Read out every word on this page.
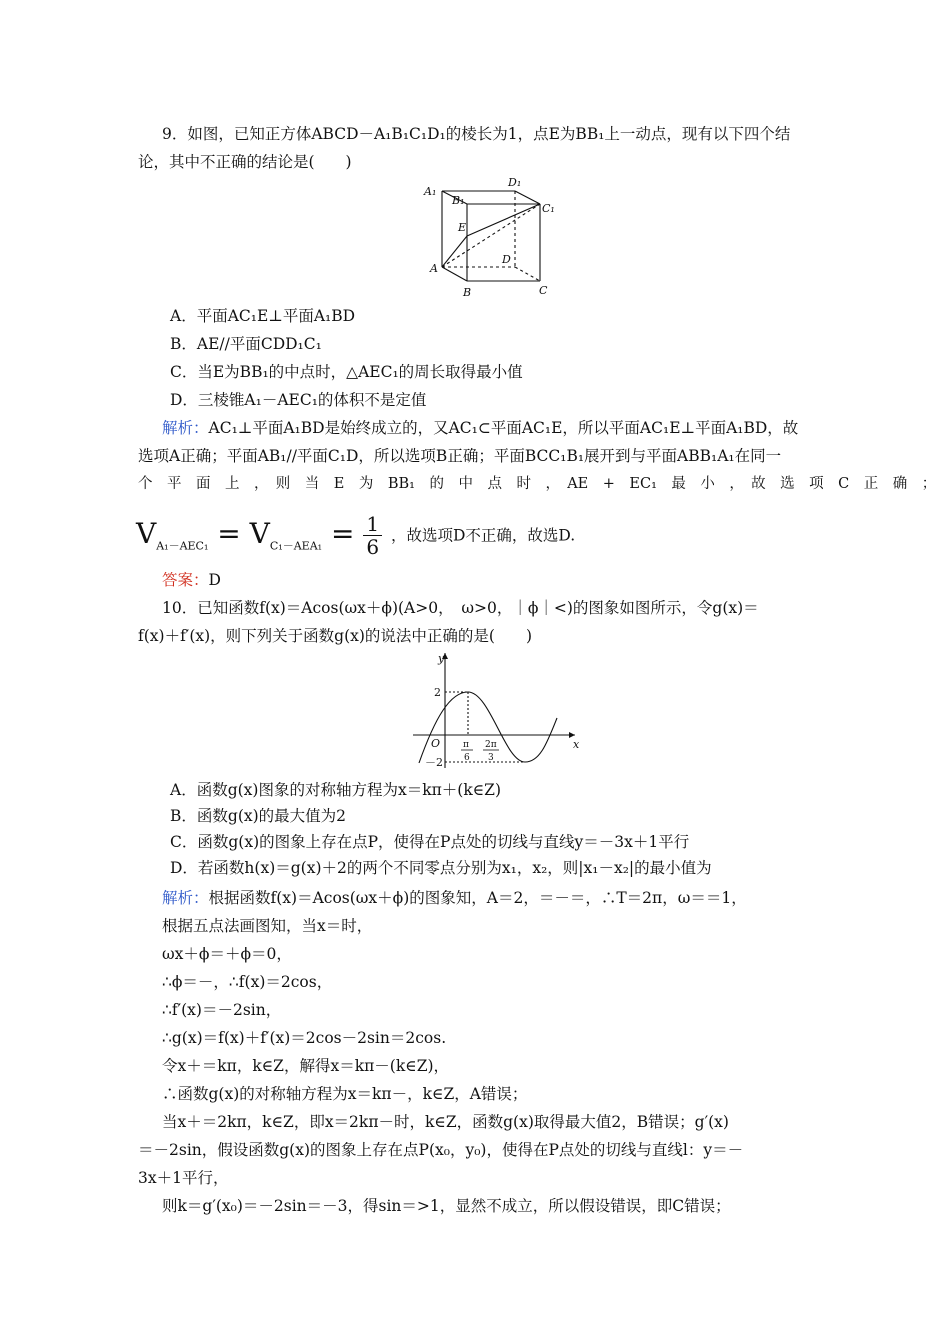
9．如图，已知正方体ABCD－A₁B₁C₁D₁的棱长为1，点E为BB₁上一动点，现有以下四个结
论，其中不正确的结论是(　　)
A₁
B₁
D₁
C₁
E
A
B	C
D
A．平面AC₁E⊥平面A₁BD
B．AE//平面CDD₁C₁
C．当E为BB₁的中点时，△AEC₁的周长取得最小值
D．三棱锥A₁－AEC₁的体积不是定值
解析：AC₁⊥平面A₁BD是始终成立的，又AC₁⊂平面AC₁E，所以平面AC₁E⊥平面A₁BD，故
选项A正确；平面AB₁//平面C₁D，所以选项B正确；平面BCC₁B₁展开到与平面ABB₁A₁在同一
个　平　面　上　，　则　当　E　为　BB₁　的　中　点　时　，　AE　+　EC₁　最　小　，　故　选　项　C　正　确　；
$V_{A_1-AEC_1} = V_{C_1-AEA_1} = \frac{1}{6}$ ，故选项D不正确，故选D.
答案：D
10．已知函数f(x)＝Acos(ωx＋ϕ)(A>0，　ω>0，｜ϕ｜<)的图象如图所示，令g(x)＝
f(x)＋f′(x)，则下列关于函数g(x)的说法中正确的是(　　)
y
x
O
2
－2
π
6
2π
3
A．函数g(x)图象的对称轴方程为x＝kπ＋(k∈Z)
B．函数g(x)的最大值为2
C．函数g(x)的图象上存在点P，使得在P点处的切线与直线y＝－3x＋1平行
D．若函数h(x)＝g(x)＋2的两个不同零点分别为x₁，x₂，则|x₁－x₂|的最小值为
解析：根据函数f(x)＝Acos(ωx＋ϕ)的图象知，A＝2，＝－＝，∴T＝2π，ω＝＝1，
根据五点法画图知，当x＝时，
ωx＋ϕ＝＋ϕ＝0，
∴ϕ＝－，∴f(x)＝2cos，
∴f′(x)＝－2sin，
∴g(x)＝f(x)＋f′(x)＝2cos－2sin＝2cos.
令x＋＝kπ，k∈Z，解得x＝kπ－(k∈Z)，
∴函数g(x)的对称轴方程为x＝kπ－，k∈Z，A错误；
当x＋＝2kπ，k∈Z，即x＝2kπ－时，k∈Z，函数g(x)取得最大值2，B错误；g′(x)
＝－2sin，假设函数g(x)的图象上存在点P(x₀，y₀)，使得在P点处的切线与直线l：y＝－
3x＋1平行，
则k＝g′(x₀)＝－2sin＝－3，得sin＝>1，显然不成立，所以假设错误，即C错误；
